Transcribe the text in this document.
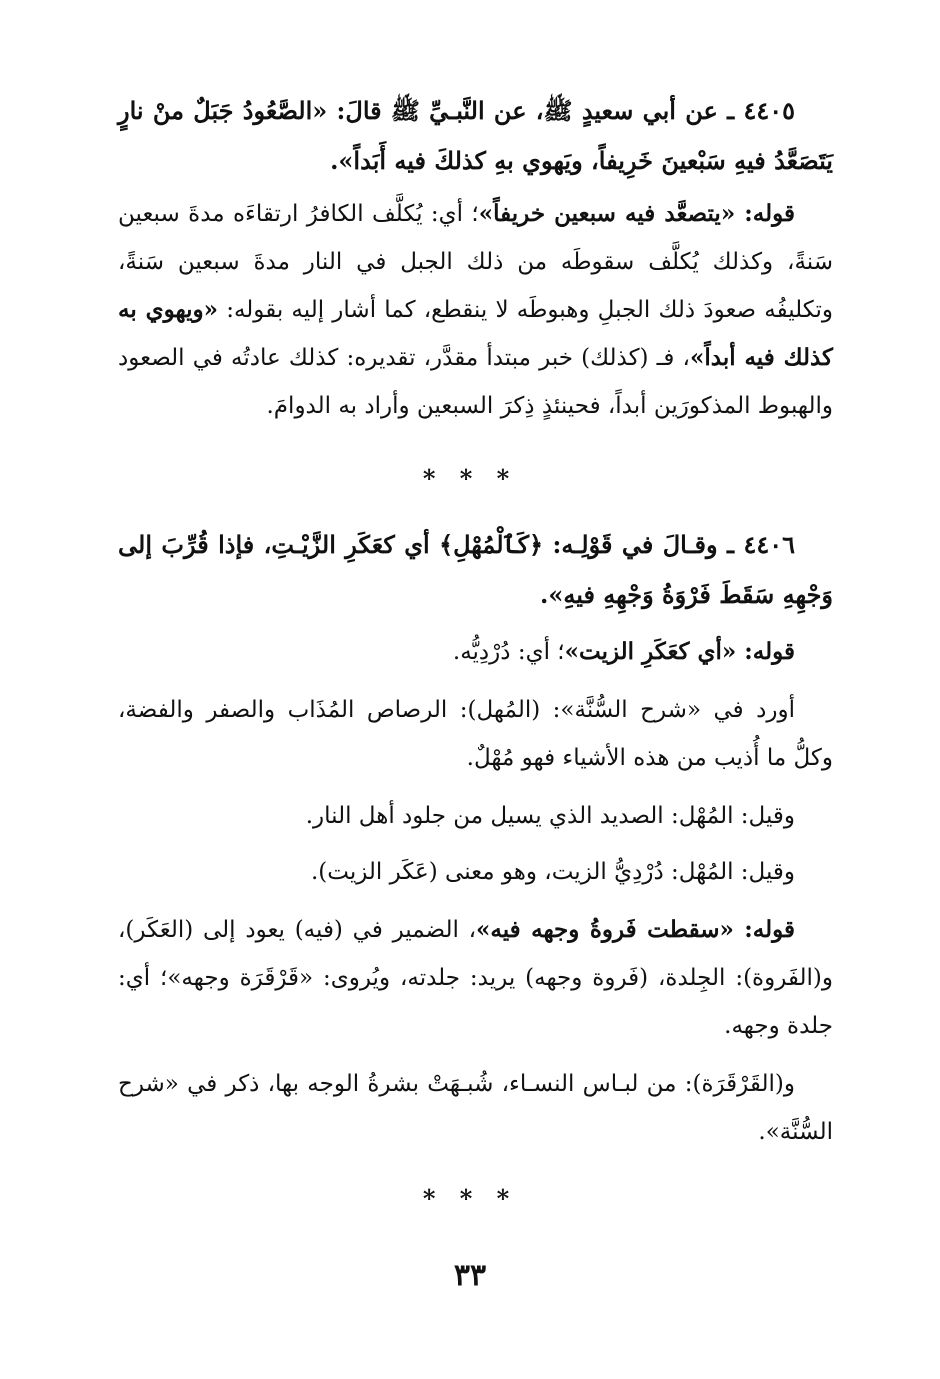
٤٤٠٥ ـ عن أبي سعيدٍ ﷺ، عن النَّبـيِّ ﷺ قالَ: «الصَّعُودُ جَبَلٌ منْ نارٍ يَتَصَعَّدُ فيهِ سَبْعينَ خَرِيفاً، ويَهوي بهِ كذلكَ فيه أَبَداً».
قوله: «يتصعَّد فيه سبعين خريفاً»؛ أي: يُكلَّف الكافرُ ارتقاءَه مدةَ سبعين سَنةً، وكذلك يُكلَّف سقوطَه من ذلك الجبل في النار مدةَ سبعين سَنةً، وتكليفُه صعودَ ذلك الجبلِ وهبوطَه لا ينقطع، كما أشار إليه بقوله: «ويهوي به كذلك فيه أبداً»، فـ (كذلك) خبر مبتدأ مقدَّر، تقديره: كذلك عادتُه في الصعود والهبوط المذكورَين أبداً، فحينئذٍ ذِكرَ السبعين وأراد به الدوامَ.
* * *
٤٤٠٦ ـ وقـالَ في قَوْلِـه: ﴿كَٱلْمُهْلِ﴾ أي كعَكَرِ الزَّيْـتِ، فإذا قُرِّبَ إلى وَجْهِهِ سَقَطَ فَرْوَةُ وَجْهِهِ فيهِ».
قوله: «أي كعَكَرِ الزيت»؛ أي: دُرْدِيُّه.
أورد في «شرح السُّنَّة»: (المُهل): الرصاص المُذَاب والصفر والفضة، وكلُّ ما أُذيب من هذه الأشياء فهو مُهْلٌ.
وقيل: المُهْل: الصديد الذي يسيل من جلود أهل النار.
وقيل: المُهْل: دُرْدِيُّ الزيت، وهو معنى (عَكَر الزيت).
قوله: «سقطت فَروةُ وجهه فيه»، الضمير في (فيه) يعود إلى (العَكَر)، و(الفَروة): الجِلدة، (فَروة وجهه) يريد: جلدته، ويُروى: «قَرْقَرَة وجهه»؛ أي: جلدة وجهه.
و(القَرْقَرَة): من لبـاس النسـاء، شُبـهَتْ بشرةُ الوجه بها، ذكر في «شرح السُّنَّة».
* * *
٣٣
